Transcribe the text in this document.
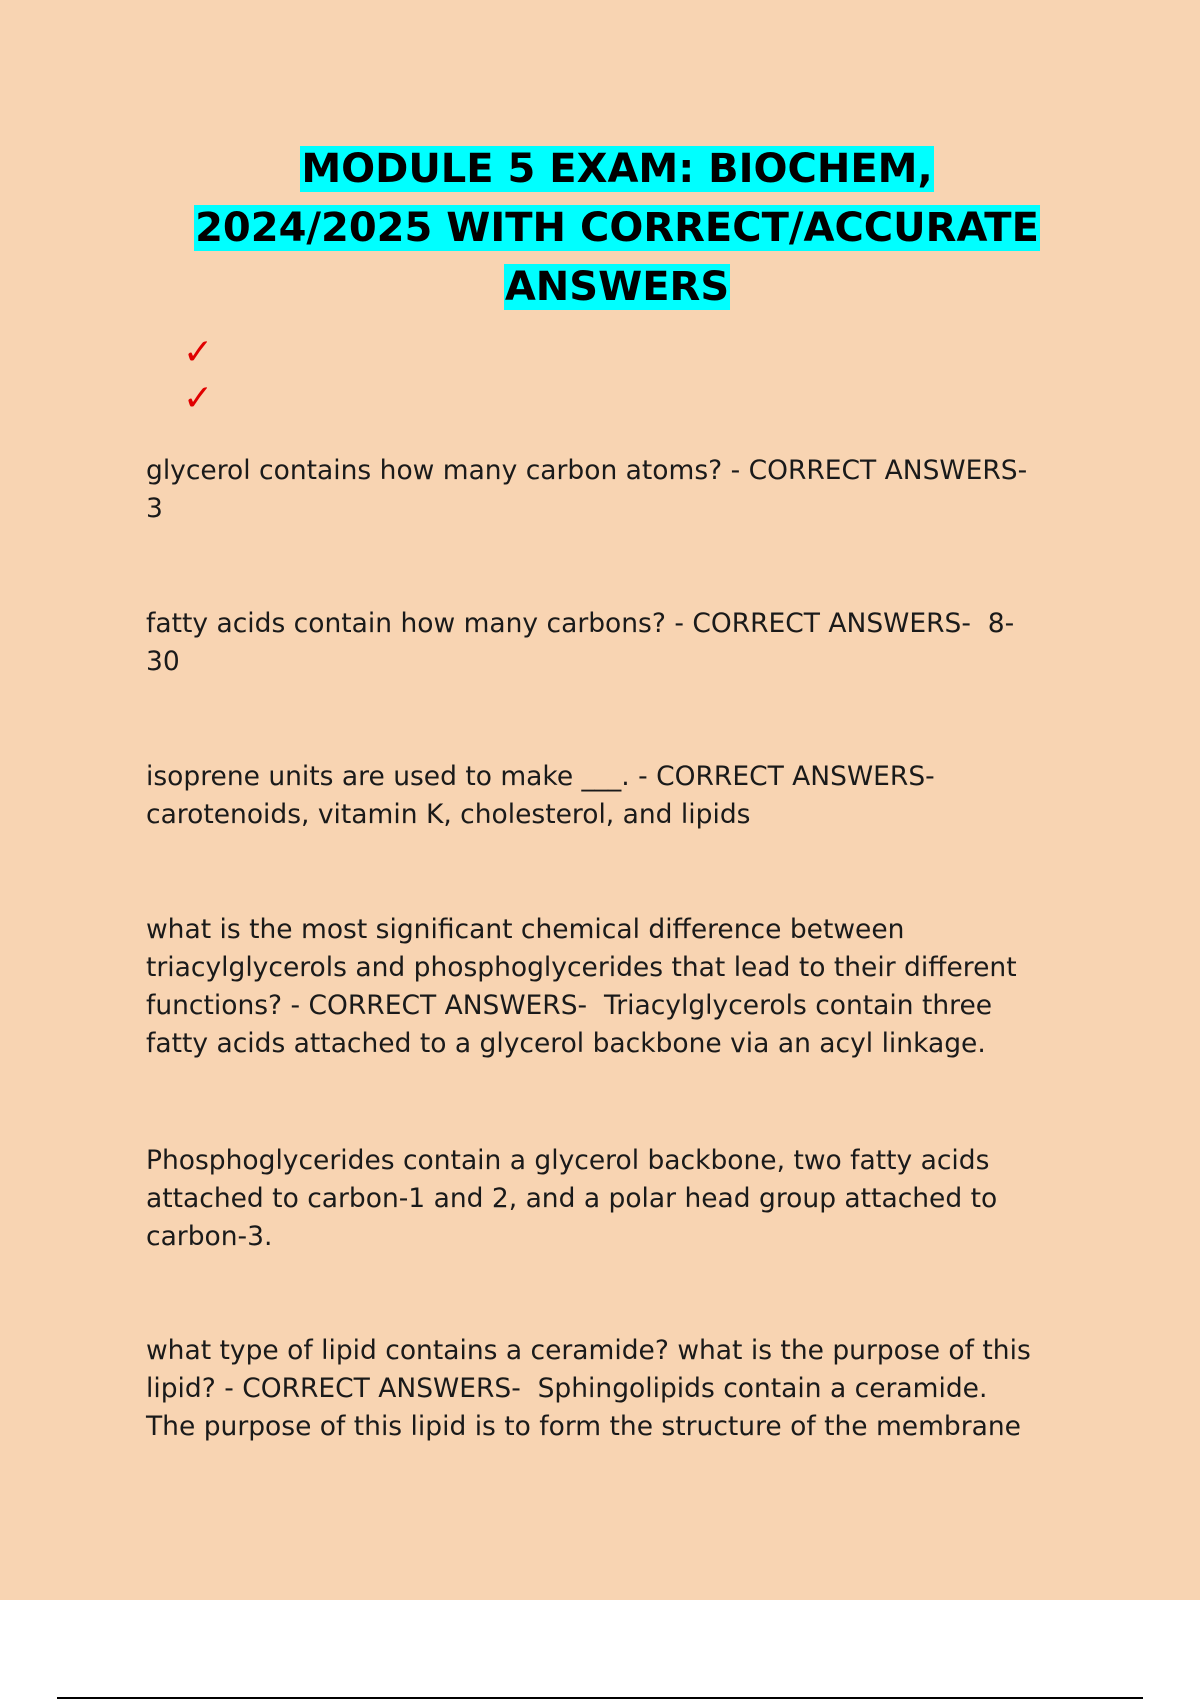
MODULE 5 EXAM: BIOCHEM,
2024/2025 WITH CORRECT/ACCURATE
ANSWERS
✓
✓

glycerol contains how many carbon atoms? - CORRECT ANSWERS-
3

fatty acids contain how many carbons? - CORRECT ANSWERS-  8-
30

isoprene units are used to make ___. - CORRECT ANSWERS-
carotenoids, vitamin K, cholesterol, and lipids

what is the most significant chemical difference between
triacylglycerols and phosphoglycerides that lead to their different
functions? - CORRECT ANSWERS-  Triacylglycerols contain three
fatty acids attached to a glycerol backbone via an acyl linkage.

Phosphoglycerides contain a glycerol backbone, two fatty acids
attached to carbon-1 and 2, and a polar head group attached to
carbon-3.

what type of lipid contains a ceramide? what is the purpose of this
lipid? - CORRECT ANSWERS-  Sphingolipids contain a ceramide.
The purpose of this lipid is to form the structure of the membrane
